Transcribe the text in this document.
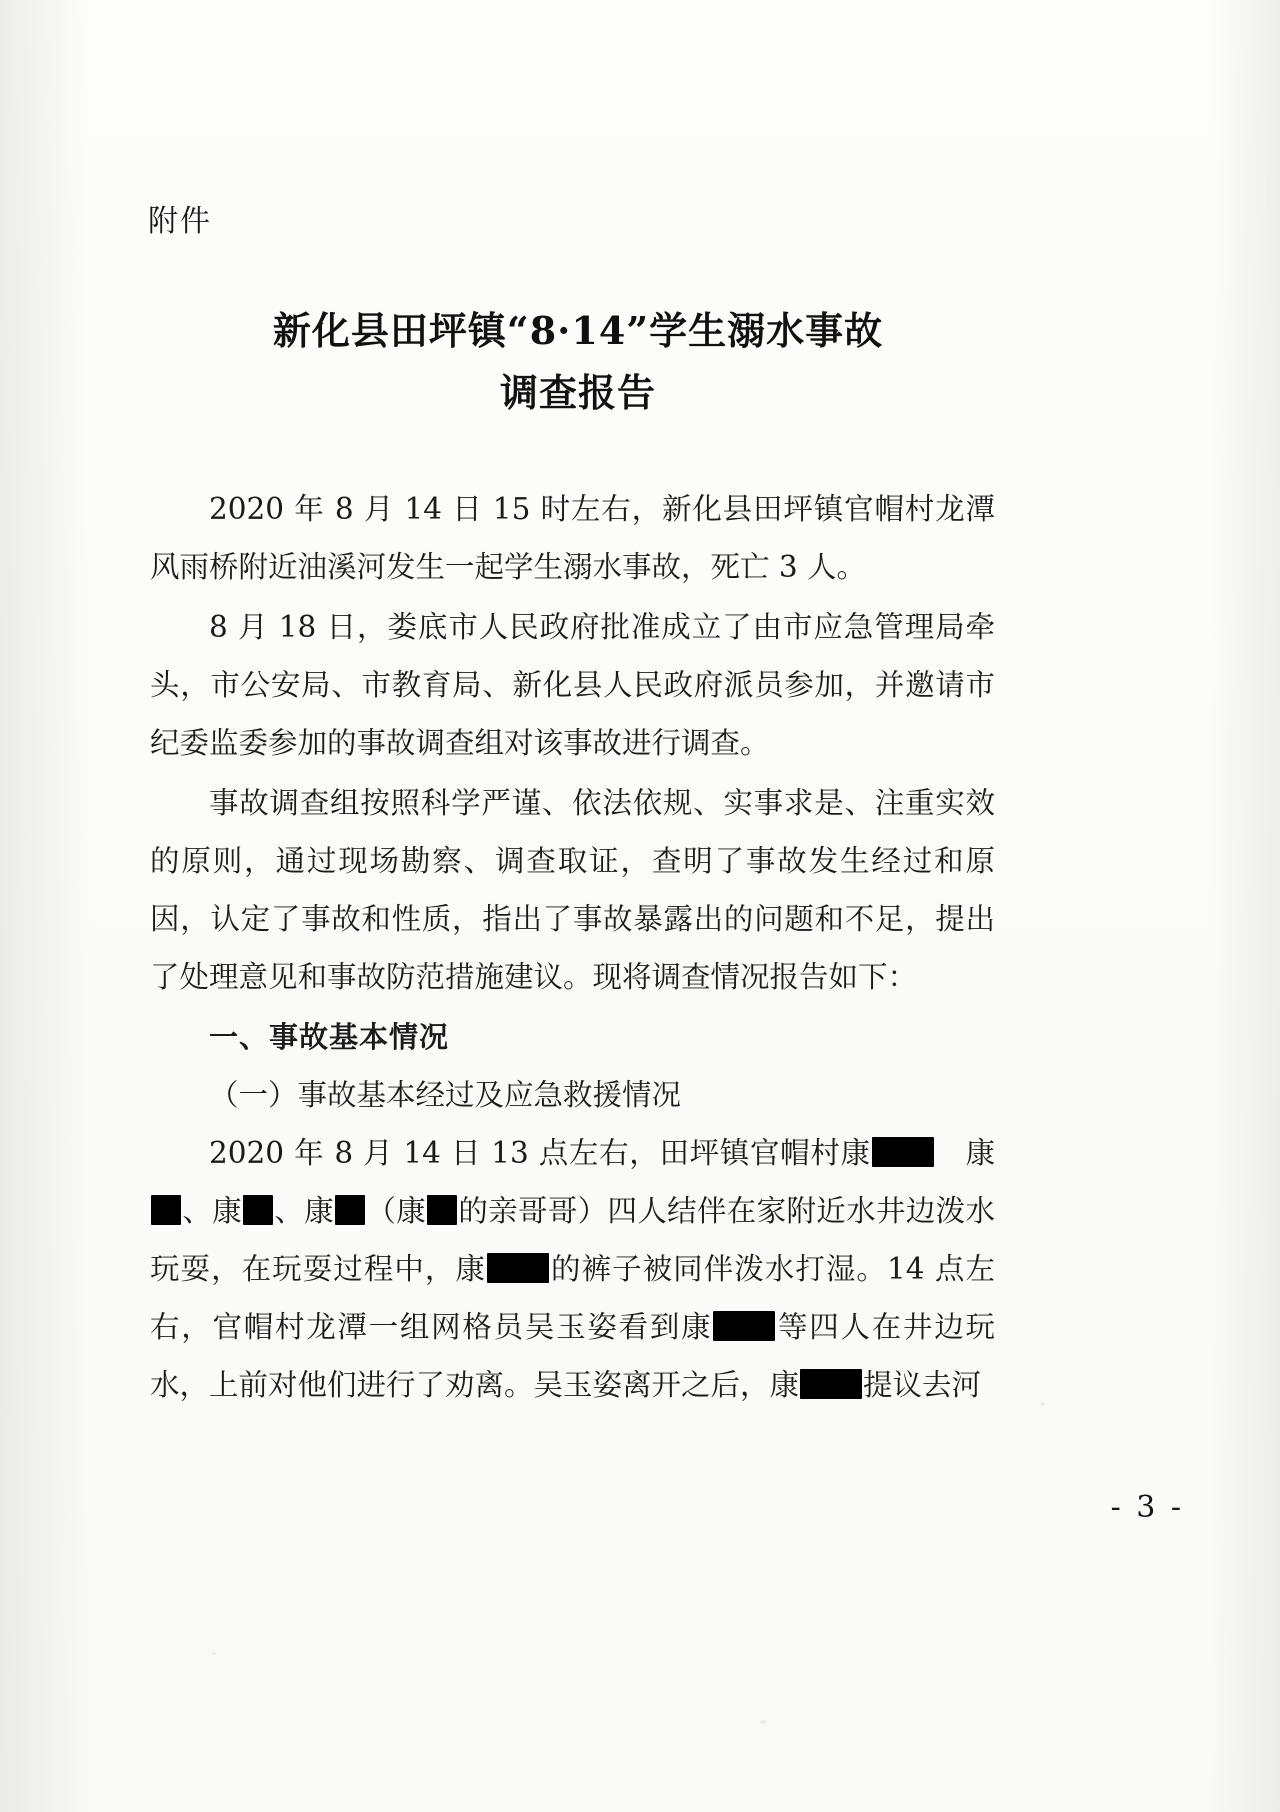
附件
新化县田坪镇“8·14”学生溺水事故
调查报告

2020 年 8 月 14 日 15 时左右，新化县田坪镇官帽村龙潭风雨桥附近油溪河发生一起学生溺水事故，死亡 3 人。

8 月 18 日，娄底市人民政府批准成立了由市应急管理局牵头，市公安局、市教育局、新化县人民政府派员参加，并邀请市纪委监委参加的事故调查组对该事故进行调查。

事故调查组按照科学严谨、依法依规、实事求是、注重实效的原则，通过现场勘察、调查取证，查明了事故发生经过和原因，认定了事故和性质，指出了事故暴露出的问题和不足，提出了处理意见和事故防范措施建议。现将调查情况报告如下：

一、事故基本情况

（一）事故基本经过及应急救援情况

2020 年 8 月 14 日 13 点左右，田坪镇官帽村康　康、康 、康 （康 的亲哥哥）四人结伴在家附近水井边泼水玩耍，在玩耍过程中，康 的裤子被同伴泼水打湿。14 点左右，官帽村龙潭一组网格员吴玉姿看到康 等四人在井边玩水，上前对他们进行了劝离。吴玉姿离开之后，康 提议去河

- 3 -
